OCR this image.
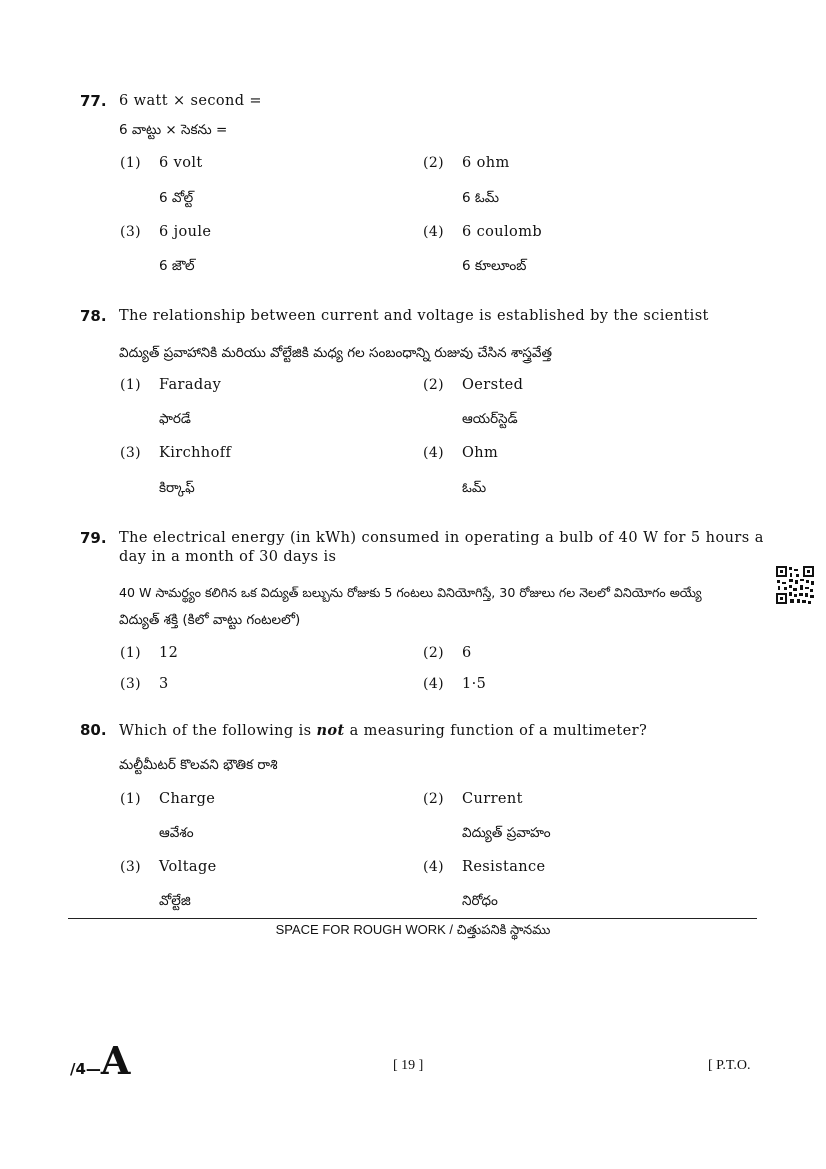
77. 6 watt × second =
6 వాట్టు × సెకను =
(1) 6 volt	(2) 6 ohm
6 వోల్ట్	6 ఓమ్
(3) 6 joule	(4) 6 coulomb
6 జౌల్	6 కూలూంబ్
78. The relationship between current and voltage is established by the scientist
విద్యుత్ ప్రవాహానికి మరియు వోల్టేజికి మధ్య గల సంబంధాన్ని రుజువు చేసిన శాస్త్రవేత్త
(1) Faraday	(2) Oersted
ఫారడే	ఆయర్‌స్టెడ్
(3) Kirchhoff	(4) Ohm
కిర్కాఫ్	ఓమ్
79. The electrical energy (in kWh) consumed in operating a bulb of 40 W for 5 hours a
day in a month of 30 days is
40 W సామర్థ్యం కలిగిన ఒక విద్యుత్ బల్బును రోజుకు 5 గంటలు వినియోగిస్తే, 30 రోజులు గల నెలలో వినియోగం అయ్యే
విద్యుత్ శక్తి (కిలో వాట్టు గంటలలో)
(1) 12	(2) 6
(3) 3	(4) 1·5
80. Which of the following is not a measuring function of a multimeter?
మల్టీమీటర్ కొలవని భౌతిక రాశి
(1) Charge	(2) Current
ఆవేశం	విద్యుత్ ప్రవాహం
(3) Voltage	(4) Resistance
వోల్టేజి	నిరోధం
SPACE FOR ROUGH WORK / చిత్తుపనికి స్థానము
/4—A	[ 19 ]	[ P.T.O.
